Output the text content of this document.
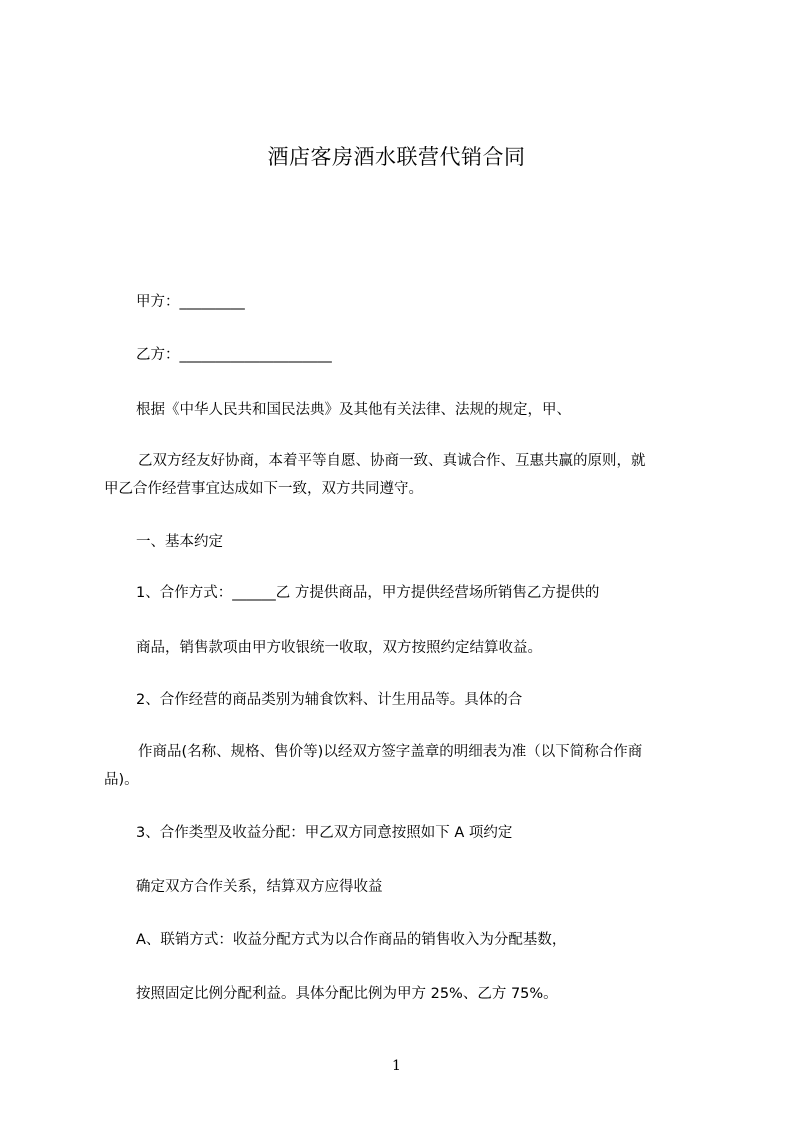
酒店客房酒水联营代销合同
甲方：_________
乙方：_____________________
根据《中华人民共和国民法典》及其他有关法律、法规的规定，甲、
乙双方经友好协商，本着平等自愿、协商一致、真诚合作、互惠共赢的原则，就
甲乙合作经营事宜达成如下一致，双方共同遵守。
一、基本约定
1、合作方式：______乙 方提供商品，甲方提供经营场所销售乙方提供的
商品，销售款项由甲方收银统一收取，双方按照约定结算收益。
2、合作经营的商品类别为辅食饮料、计生用品等。具体的合
作商品(名称、规格、售价等)以经双方签字盖章的明细表为准（以下简称合作商
品)。
3、合作类型及收益分配：甲乙双方同意按照如下 A 项约定
确定双方合作关系，结算双方应得收益
A、联销方式：收益分配方式为以合作商品的销售收入为分配基数，
按照固定比例分配利益。具体分配比例为甲方 25%、乙方 75%。
1
